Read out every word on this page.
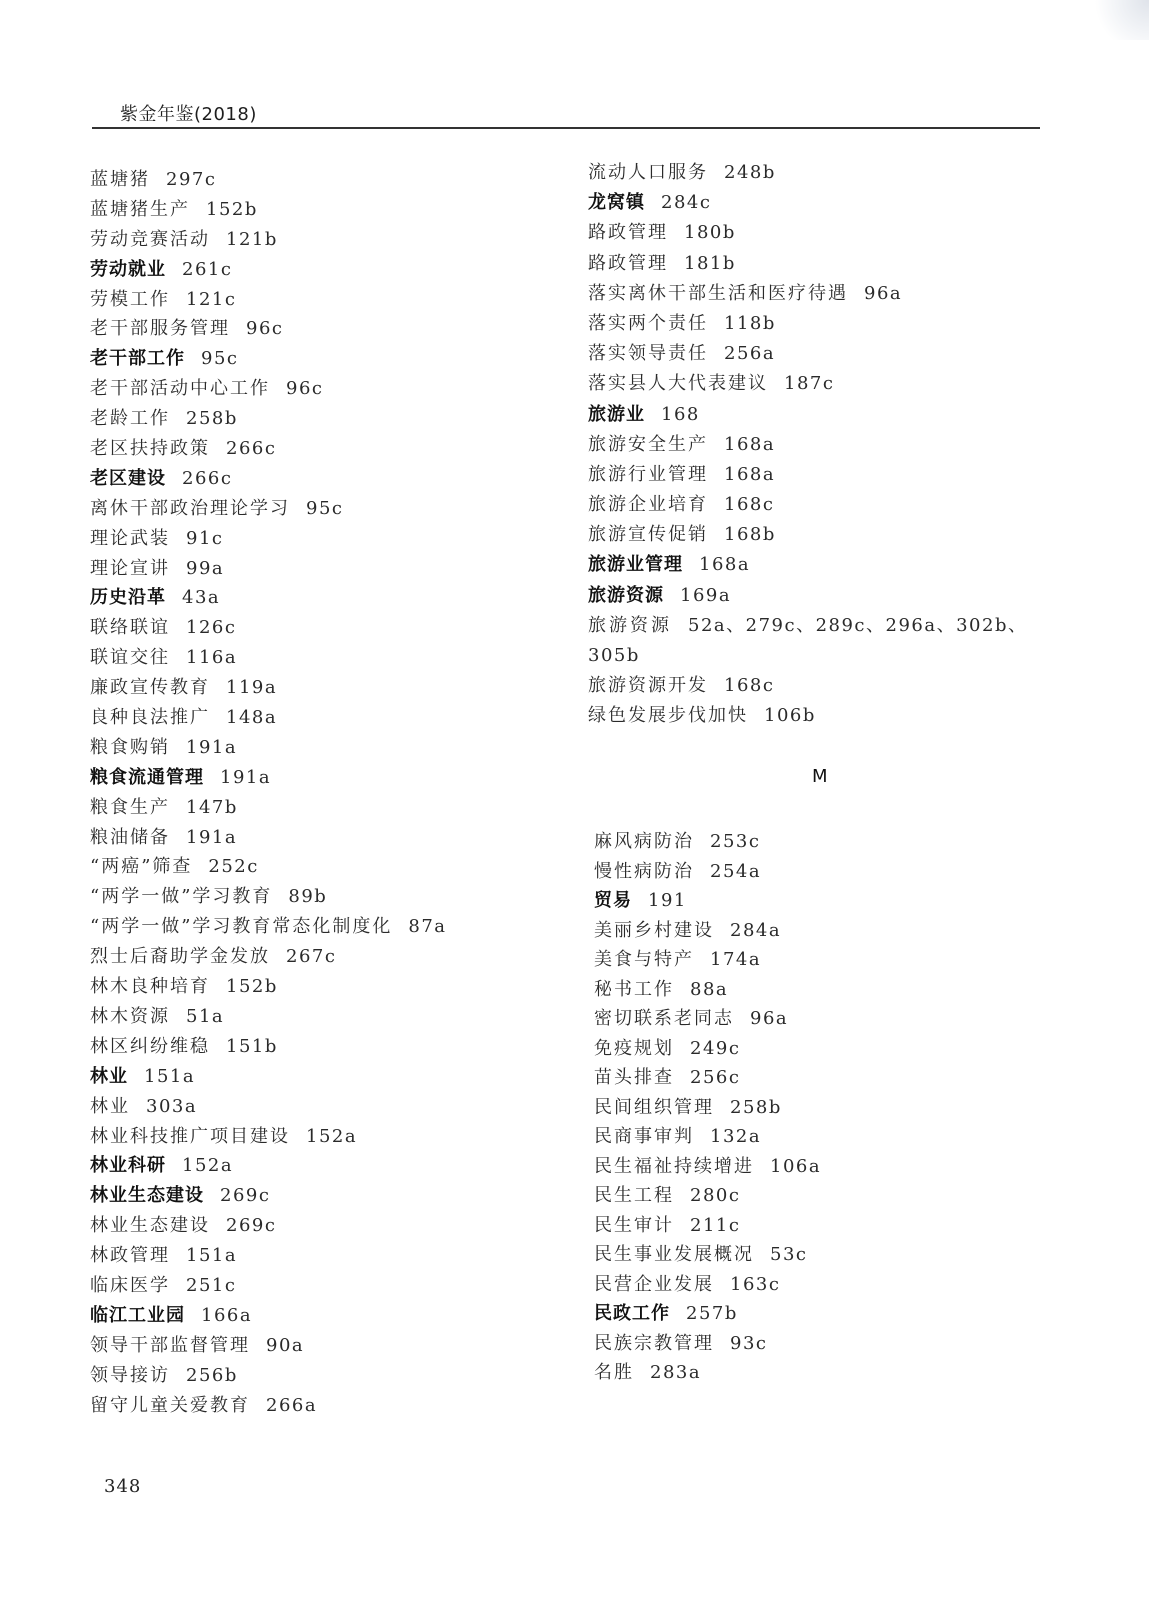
紫金年鉴(2018)
蓝塘猪 297c
蓝塘猪生产 152b
劳动竞赛活动 121b
劳动就业 261c
劳模工作 121c
老干部服务管理 96c
老干部工作 95c
老干部活动中心工作 96c
老龄工作 258b
老区扶持政策 266c
老区建设 266c
离休干部政治理论学习 95c
理论武装 91c
理论宣讲 99a
历史沿革 43a
联络联谊 126c
联谊交往 116a
廉政宣传教育 119a
良种良法推广 148a
粮食购销 191a
粮食流通管理 191a
粮食生产 147b
粮油储备 191a
“两癌”筛查 252c
“两学一做”学习教育 89b
“两学一做”学习教育常态化制度化 87a
烈士后裔助学金发放 267c
林木良种培育 152b
林木资源 51a
林区纠纷维稳 151b
林业 151a
林业 303a
林业科技推广项目建设 152a
林业科研 152a
林业生态建设 269c
林业生态建设 269c
林政管理 151a
临床医学 251c
临江工业园 166a
领导干部监督管理 90a
领导接访 256b
留守儿童关爱教育 266a
流动人口服务 248b
龙窝镇 284c
路政管理 180b
路政管理 181b
落实离休干部生活和医疗待遇 96a
落实两个责任 118b
落实领导责任 256a
落实县人大代表建议 187c
旅游业 168
旅游安全生产 168a
旅游行业管理 168a
旅游企业培育 168c
旅游宣传促销 168b
旅游业管理 168a
旅游资源 169a
旅游资源 52a、279c、289c、296a、302b、305b
旅游资源开发 168c
绿色发展步伐加快 106b
M
麻风病防治 253c
慢性病防治 254a
贸易 191
美丽乡村建设 284a
美食与特产 174a
秘书工作 88a
密切联系老同志 96a
免疫规划 249c
苗头排查 256c
民间组织管理 258b
民商事审判 132a
民生福祉持续增进 106a
民生工程 280c
民生审计 211c
民生事业发展概况 53c
民营企业发展 163c
民政工作 257b
民族宗教管理 93c
名胜 283a
348
